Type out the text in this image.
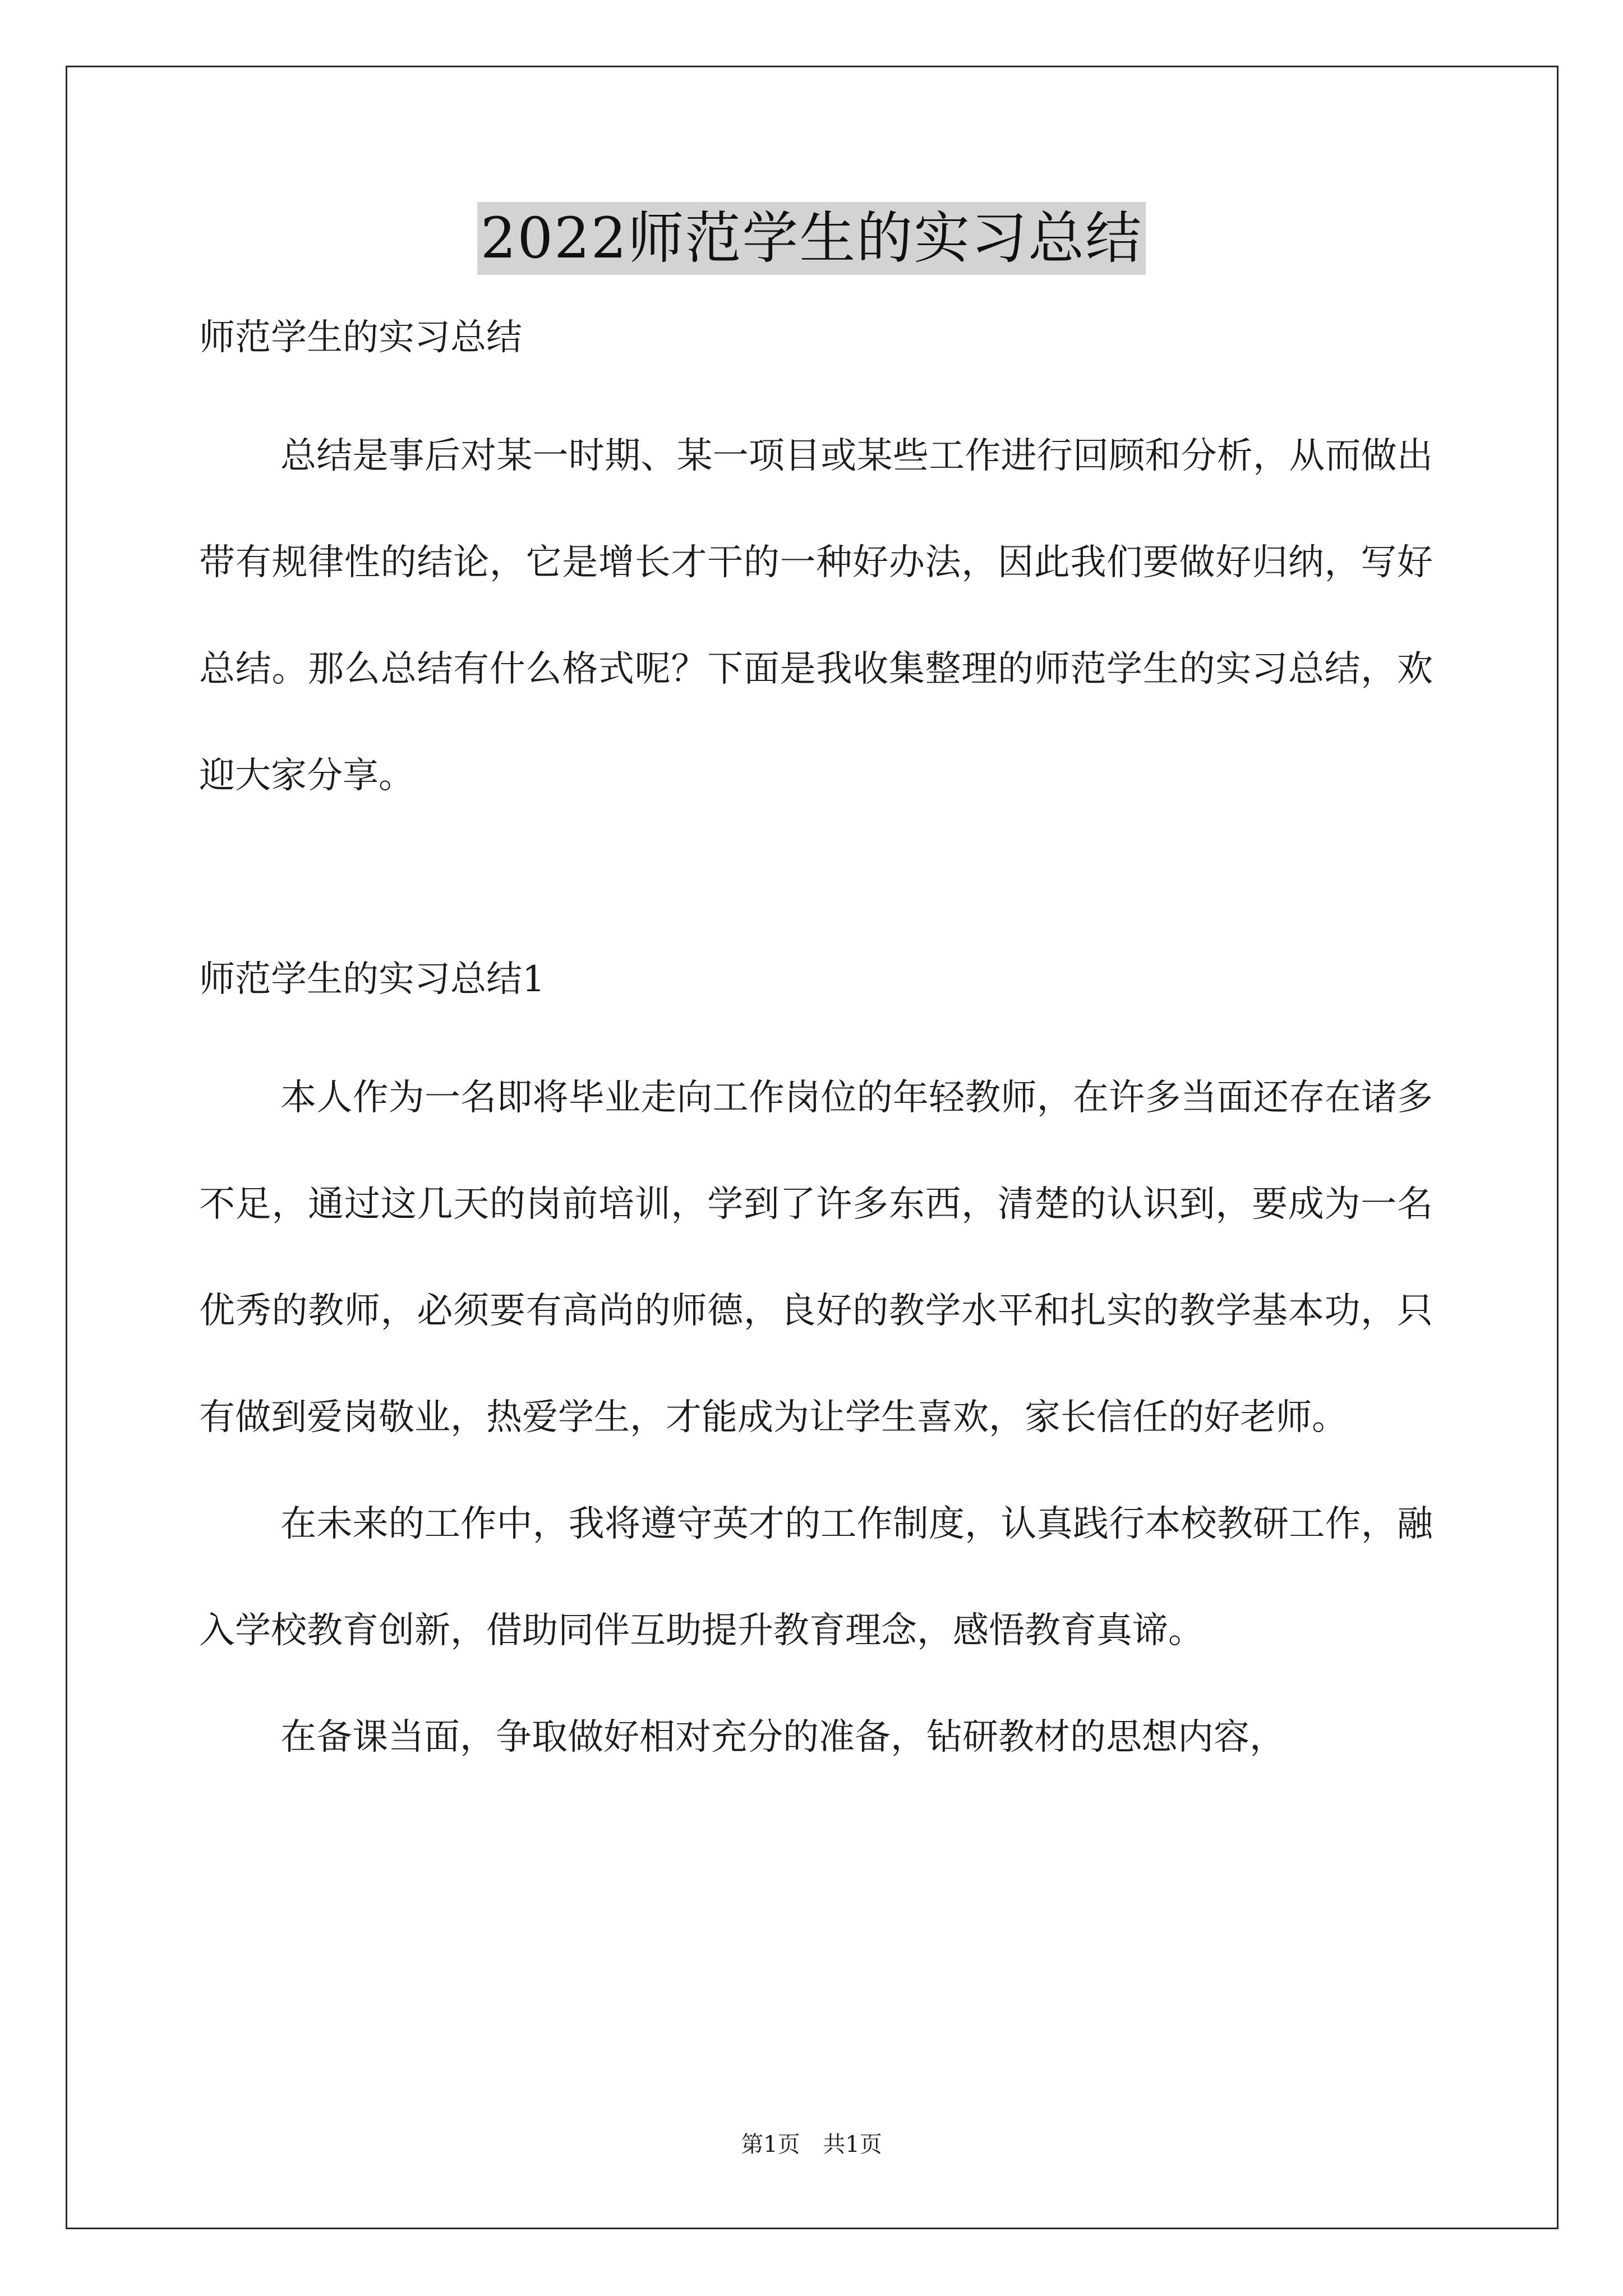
2022师范学生的实习总结

师范学生的实习总结

总结是事后对某一时期、某一项目或某些工作进行回顾和分析，从而做出带有规律性的结论，它是增长才干的一种好办法，因此我们要做好归纳，写好总结。那么总结有什么格式呢？下面是我收集整理的师范学生的实习总结，欢迎大家分享。

师范学生的实习总结1

本人作为一名即将毕业走向工作岗位的年轻教师，在许多当面还存在诸多不足，通过这几天的岗前培训，学到了许多东西，清楚的认识到，要成为一名优秀的教师，必须要有高尚的师德，良好的教学水平和扎实的教学基本功，只有做到爱岗敬业，热爱学生，才能成为让学生喜欢，家长信任的好老师。

在未来的工作中，我将遵守英才的工作制度，认真践行本校教研工作，融入学校教育创新，借助同伴互助提升教育理念，感悟教育真谛。

在备课当面，争取做好相对充分的准备，钻研教材的思想内容，

第1页 共1页
